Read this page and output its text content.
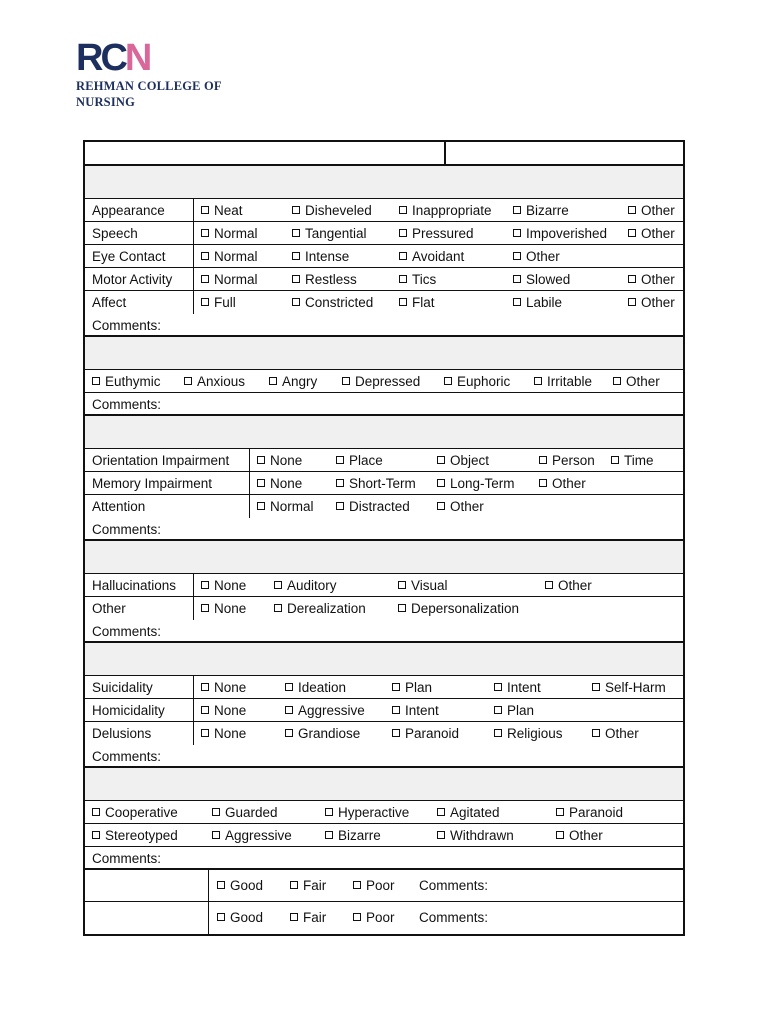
RCN
REHMAN COLLEGE OF
NURSING
Appearance	Neat	Disheveled	Inappropriate	Bizarre	Other
Speech	Normal	Tangential	Pressured	Impoverished	Other
Eye Contact	Normal	Intense	Avoidant	Other
Motor Activity	Normal	Restless	Tics	Slowed	Other
Affect	Full	Constricted	Flat	Labile	Other
Comments:
Euthymic	Anxious	Angry	Depressed	Euphoric	Irritable	Other
Comments:
Orientation Impairment	None	Place	Object	Person	Time
Memory Impairment	None	Short-Term	Long-Term	Other
Attention	Normal	Distracted	Other
Comments:
Hallucinations	None	Auditory	Visual	Other
Other	None	Derealization	Depersonalization
Comments:
Suicidality	None	Ideation	Plan	Intent	Self-Harm
Homicidality	None	Aggressive	Intent	Plan
Delusions	None	Grandiose	Paranoid	Religious	Other
Comments:
Cooperative	Guarded	Hyperactive	Agitated	Paranoid
Stereotyped	Aggressive	Bizarre	Withdrawn	Other
Comments:
Good	Fair	Poor Comments:
Good	Fair	Poor Comments:
